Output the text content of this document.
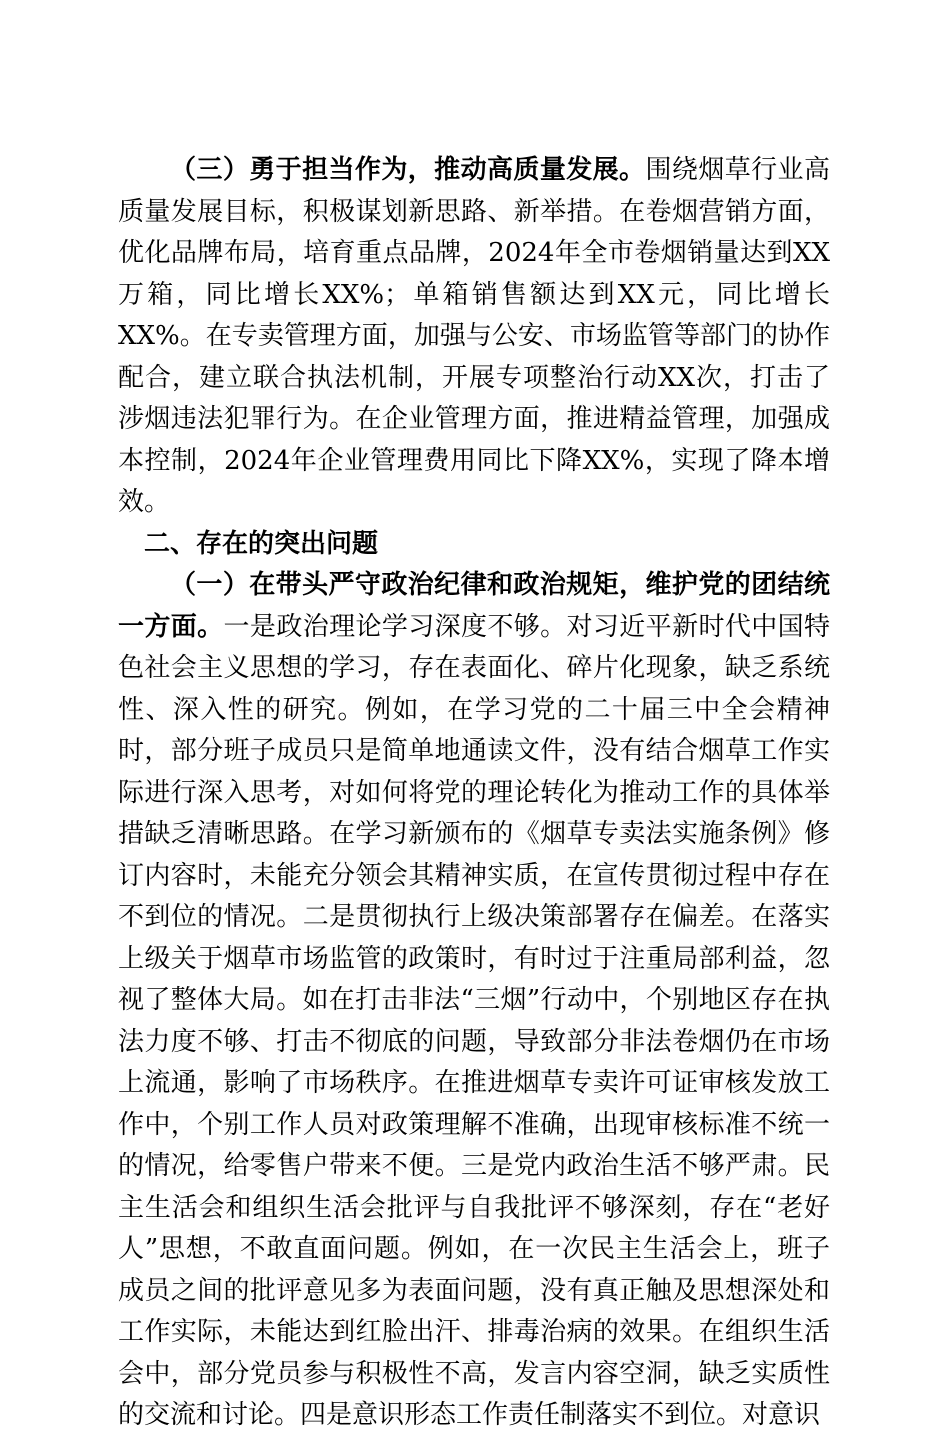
（三）勇于担当作为，推动高质量发展。围绕烟草行业高质量发展目标，积极谋划新思路、新举措。在卷烟营销方面，优化品牌布局，培育重点品牌，2024年全市卷烟销量达到XX万箱，同比增长XX%；单箱销售额达到XX元，同比增长XX%。在专卖管理方面，加强与公安、市场监管等部门的协作配合，建立联合执法机制，开展专项整治行动XX次，打击了涉烟违法犯罪行为。在企业管理方面，推进精益管理，加强成本控制，2024年企业管理费用同比下降XX%，实现了降本增效。

二、存在的突出问题

（一）在带头严守政治纪律和政治规矩，维护党的团结统一方面。一是政治理论学习深度不够。对习近平新时代中国特色社会主义思想的学习，存在表面化、碎片化现象，缺乏系统性、深入性的研究。例如，在学习党的二十届三中全会精神时，部分班子成员只是简单地通读文件，没有结合烟草工作实际进行深入思考，对如何将党的理论转化为推动工作的具体举措缺乏清晰思路。在学习新颁布的《烟草专卖法实施条例》修订内容时，未能充分领会其精神实质，在宣传贯彻过程中存在不到位的情况。二是贯彻执行上级决策部署存在偏差。在落实上级关于烟草市场监管的政策时，有时过于注重局部利益，忽视了整体大局。如在打击非法“三烟”行动中，个别地区存在执法力度不够、打击不彻底的问题，导致部分非法卷烟仍在市场上流通，影响了市场秩序。在推进烟草专卖许可证审核发放工作中，个别工作人员对政策理解不准确，出现审核标准不统一的情况，给零售户带来不便。三是党内政治生活不够严肃。民主生活会和组织生活会批评与自我批评不够深刻，存在“老好人”思想，不敢直面问题。例如，在一次民主生活会上，班子成员之间的批评意见多为表面问题，没有真正触及思想深处和工作实际，未能达到红脸出汗、排毒治病的效果。在组织生活会中，部分党员参与积极性不高，发言内容空洞，缺乏实质性的交流和讨论。四是意识形态工作责任制落实不到位。对意识
